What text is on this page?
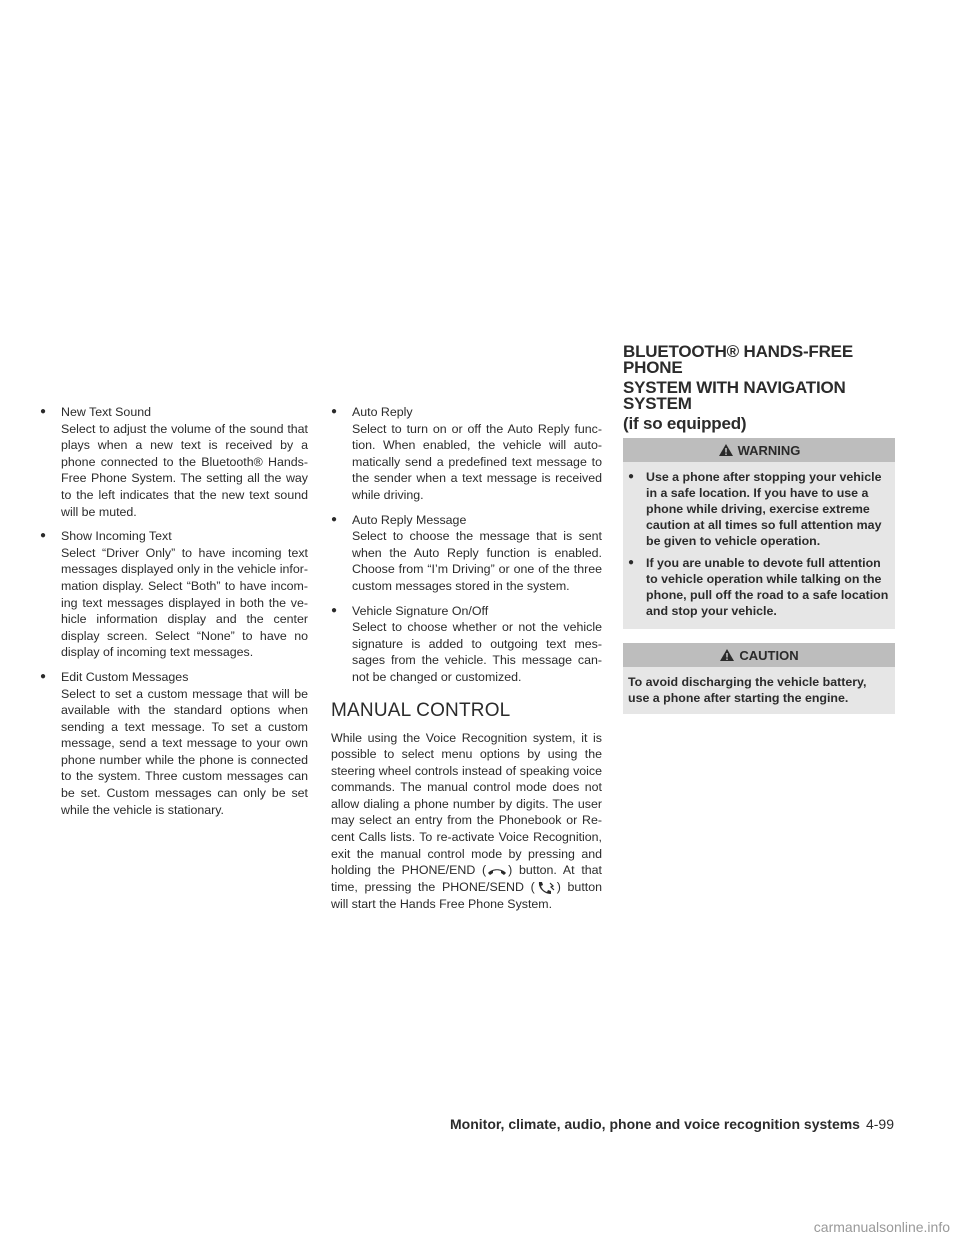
● New Text Sound
Select to adjust the volume of the sound that plays when a new text is received by a phone connected to the Bluetooth® Hands-Free Phone System. The setting all the way to the left indicates that the new text sound will be muted.
● Show Incoming Text
Select “Driver Only” to have incoming text messages displayed only in the vehicle infor- mation display. Select “Both” to have incom- ing text messages displayed in both the ve- hicle information display and the center display screen. Select “None” to have no display of incoming text messages.
● Edit Custom Messages
Select to set a custom message that will be available with the standard options when sending a text message. To set a custom message, send a text message to your own phone number while the phone is connected to the system. Three custom messages can be set. Custom messages can only be set while the vehicle is stationary.
● Auto Reply
Select to turn on or off the Auto Reply func- tion. When enabled, the vehicle will auto- matically send a predefined text message to the sender when a text message is received while driving.
● Auto Reply Message
Select to choose the message that is sent when the Auto Reply function is enabled. Choose from “I’m Driving” or one of the three custom messages stored in the system.
● Vehicle Signature On/Off
Select to choose whether or not the vehicle signature is added to outgoing text mes- sages from the vehicle. This message can- not be changed or customized.
MANUAL CONTROL
While using the Voice Recognition system, it is possible to select menu options by using the steering wheel controls instead of speaking voice commands. The manual control mode does not allow dialing a phone number by digits. The user may select an entry from the Phonebook or Re- cent Calls lists. To re-activate Voice Recognition, exit the manual control mode by pressing and holding the PHONE/END ( ) button. At that time, pressing the PHONE/SEND ( ) button will start the Hands Free Phone System.
BLUETOOTH® HANDS-FREE PHONE
SYSTEM WITH NAVIGATION SYSTEM
(if so equipped)
WARNING
● Use a phone after stopping your vehicle in a safe location. If you have to use a phone while driving, exercise extreme caution at all times so full attention may be given to vehicle operation.
● If you are unable to devote full attention to vehicle operation while talking on the phone, pull off the road to a safe location and stop your vehicle.
CAUTION
To avoid discharging the vehicle battery, use a phone after starting the engine.
Monitor, climate, audio, phone and voice recognition systems 4-99
carmanualsonline.info
